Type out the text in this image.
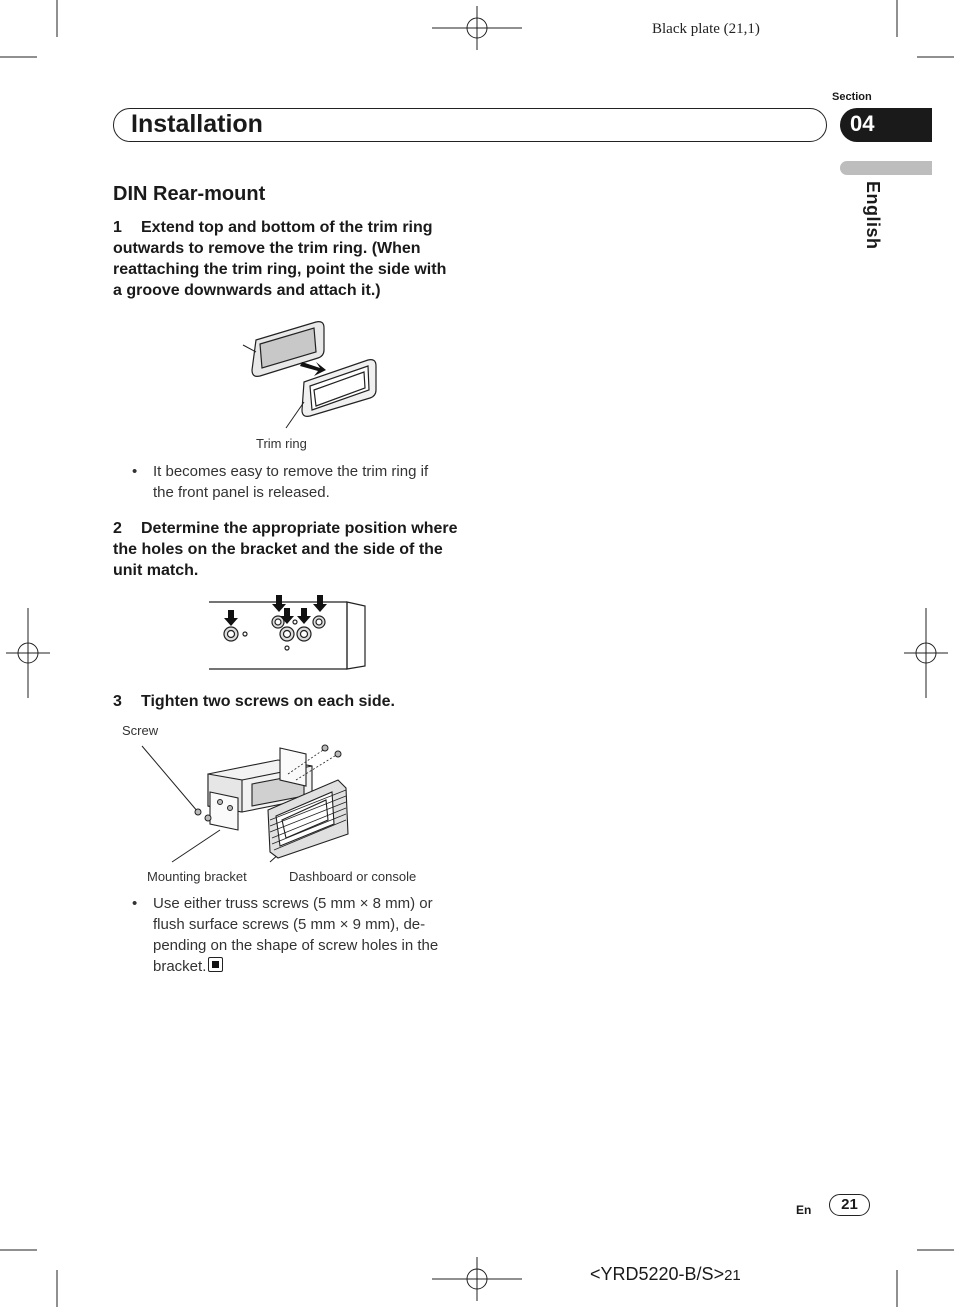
Black plate (21,1)
Section
04
Installation
English
DIN Rear-mount

1 Extend top and bottom of the trim ring outwards to remove the trim ring. (When reattaching the trim ring, point the side with a groove downwards and attach it.)

Trim ring

•	It becomes easy to remove the trim ring if the front panel is released.

2 Determine the appropriate position where the holes on the bracket and the side of the unit match.

3 Tighten two screws on each side.

Screw
Mounting bracket	Dashboard or console

•	Use either truss screws (5 mm × 8 mm) or flush surface screws (5 mm × 9 mm), de-pending on the shape of screw holes in the bracket.

En	21
<YRD5220-B/S>21
